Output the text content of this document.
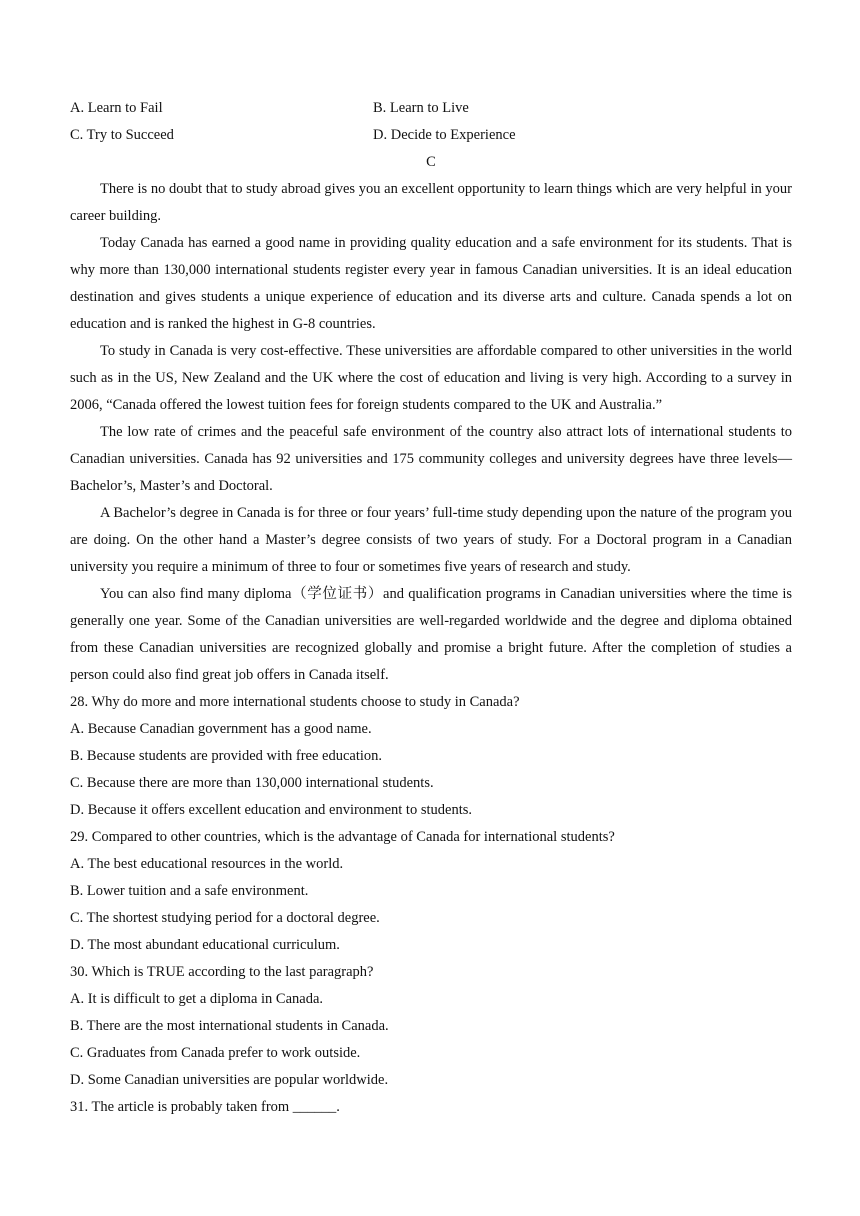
A. Learn to Fail	B. Learn to Live
C. Try to Succeed	D. Decide to Experience
C

There is no doubt that to study abroad gives you an excellent opportunity to learn things which are very helpful in your career building.

Today Canada has earned a good name in providing quality education and a safe environment for its students. That is why more than 130,000 international students register every year in famous Canadian universities. It is an ideal education destination and gives students a unique experience of education and its diverse arts and culture. Canada spends a lot on education and is ranked the highest in G-8 countries.

To study in Canada is very cost-effective. These universities are affordable compared to other universities in the world such as in the US, New Zealand and the UK where the cost of education and living is very high. According to a survey in 2006, “Canada offered the lowest tuition fees for foreign students compared to the UK and Australia.”

The low rate of crimes and the peaceful safe environment of the country also attract lots of international students to Canadian universities. Canada has 92 universities and 175 community colleges and university degrees have three levels—Bachelor’s, Master’s and Doctoral.

A Bachelor’s degree in Canada is for three or four years’ full-time study depending upon the nature of the program you are doing. On the other hand a Master’s degree consists of two years of study. For a Doctoral program in a Canadian university you require a minimum of three to four or sometimes five years of research and study.

You can also find many diploma（学位证书）and qualification programs in Canadian universities where the time is generally one year. Some of the Canadian universities are well-regarded worldwide and the degree and diploma obtained from these Canadian universities are recognized globally and promise a bright future. After the completion of studies a person could also find great job offers in Canada itself.

28. Why do more and more international students choose to study in Canada?

A. Because Canadian government has a good name.

B. Because students are provided with free education.

C. Because there are more than 130,000 international students.

D. Because it offers excellent education and environment to students.

29. Compared to other countries, which is the advantage of Canada for international students?

A. The best educational resources in the world.

B. Lower tuition and a safe environment.

C. The shortest studying period for a doctoral degree.

D. The most abundant educational curriculum.

30. Which is TRUE according to the last paragraph?

A. It is difficult to get a diploma in Canada.

B. There are the most international students in Canada.

C. Graduates from Canada prefer to work outside.

D. Some Canadian universities are popular worldwide.

31. The article is probably taken from ______.
